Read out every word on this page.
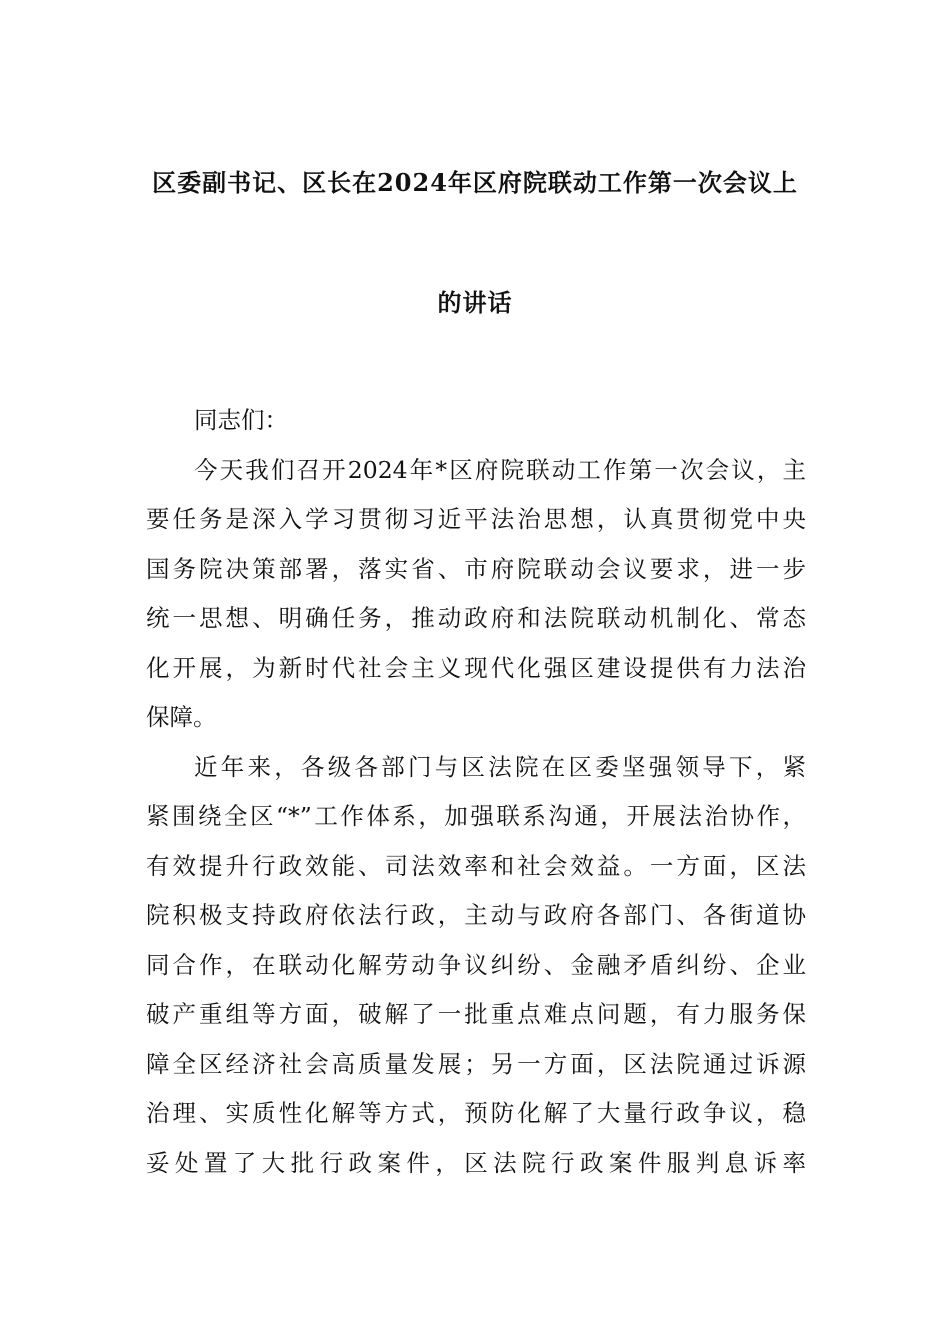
区委副书记、区长在2024年区府院联动工作第一次会议上
的讲话
同志们：
今天我们召开2024年*区府院联动工作第一次会议，主
要任务是深入学习贯彻习近平法治思想，认真贯彻党中央
国务院决策部署，落实省、市府院联动会议要求，进一步
统一思想、明确任务，推动政府和法院联动机制化、常态
化开展，为新时代社会主义现代化强区建设提供有力法治
保障。
近年来，各级各部门与区法院在区委坚强领导下，紧
紧围绕全区“*”工作体系，加强联系沟通，开展法治协作，
有效提升行政效能、司法效率和社会效益。一方面，区法
院积极支持政府依法行政，主动与政府各部门、各街道协
同合作，在联动化解劳动争议纠纷、金融矛盾纠纷、企业
破产重组等方面，破解了一批重点难点问题，有力服务保
障全区经济社会高质量发展；另一方面，区法院通过诉源
治理、实质性化解等方式，预防化解了大量行政争议，稳
妥处置了大批行政案件，区法院行政案件服判息诉率
